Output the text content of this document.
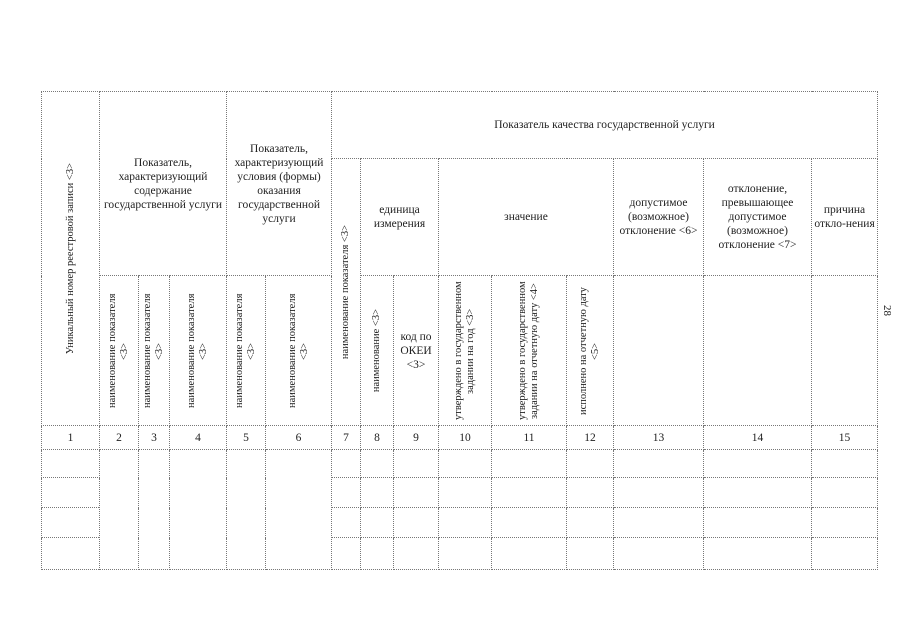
Уникальный номер реестровой записи <3>	Показатель, характеризующий содержание государственной услуги			Показатель, характеризующий условия (формы) оказания государственной услуги		Показатель качества государственной услуги								

						наименование показателя <3>	единица измерения		значение			допустимое (возможное) отклонение <6>	отклонение, превышающее допустимое (возможное) отклонение <7>	причина откло-нения

	наименование показателя <3>	наименование показателя <3>	наименование показателя <3>	наименование показателя <3>	наименование показателя <3>		наименование <3>	код по ОКЕИ <3>	утверждено в государственном задании на год <3>	утверждено в государственном задании на отчетную дату <4>	исполнено на отчетную дату <5>			

1	2	3	4	5	6	7	8	9	10	11	12	13	14	15

28
